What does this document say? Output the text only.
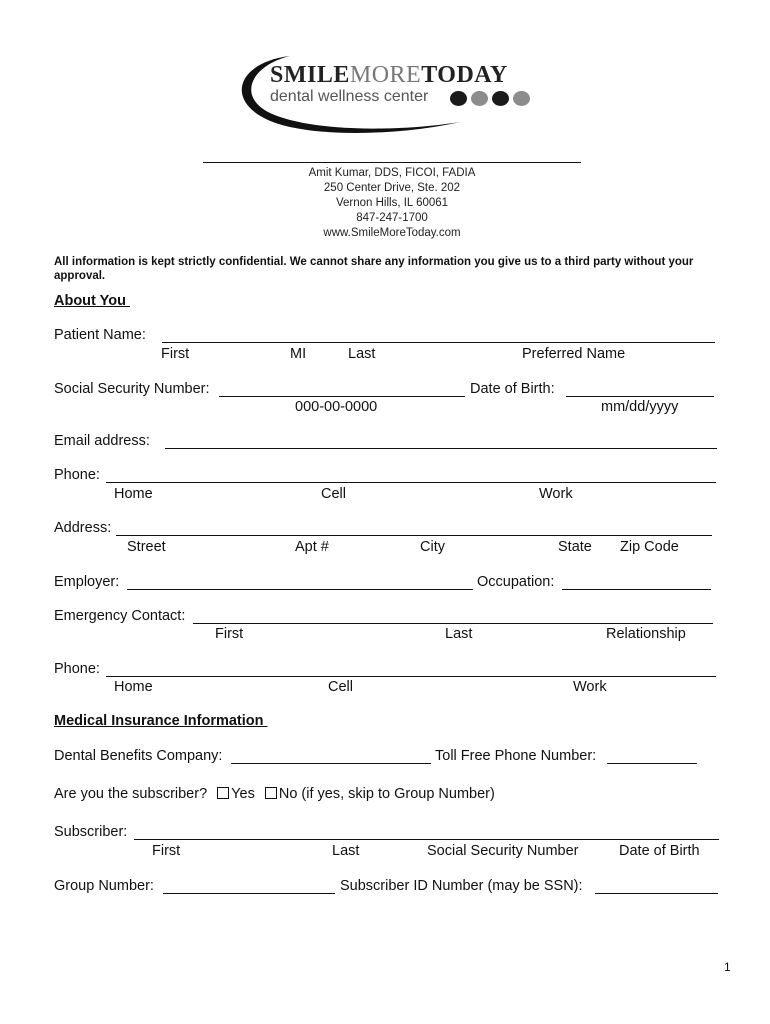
SMILEMORETODAY
dental wellness center
Amit Kumar, DDS, FICOI, FADIA
250 Center Drive, Ste. 202
Vernon Hills, IL 60061
847-247-1700
www.SmileMoreToday.com
All information is kept strictly confidential. We cannot share any information you give us to a third party without your approval.
About You
Patient Name:
First	MI	Last	Preferred Name
Social Security Number:	Date of Birth:
000-00-0000	mm/dd/yyyy
Email address:
Phone:
Home	Cell	Work
Address:
Street	Apt #	City	State Zip Code
Employer:	Occupation:
Emergency Contact:
First	Last	Relationship
Phone:
Home	Cell	Work
Medical Insurance Information
Dental Benefits Company:	Toll Free Phone Number:
Are you the subscriber? Yes No (if yes, skip to Group Number)
Subscriber:
First	Last	Social Security Number	Date of Birth
Group Number:	Subscriber ID Number (may be SSN):
1
